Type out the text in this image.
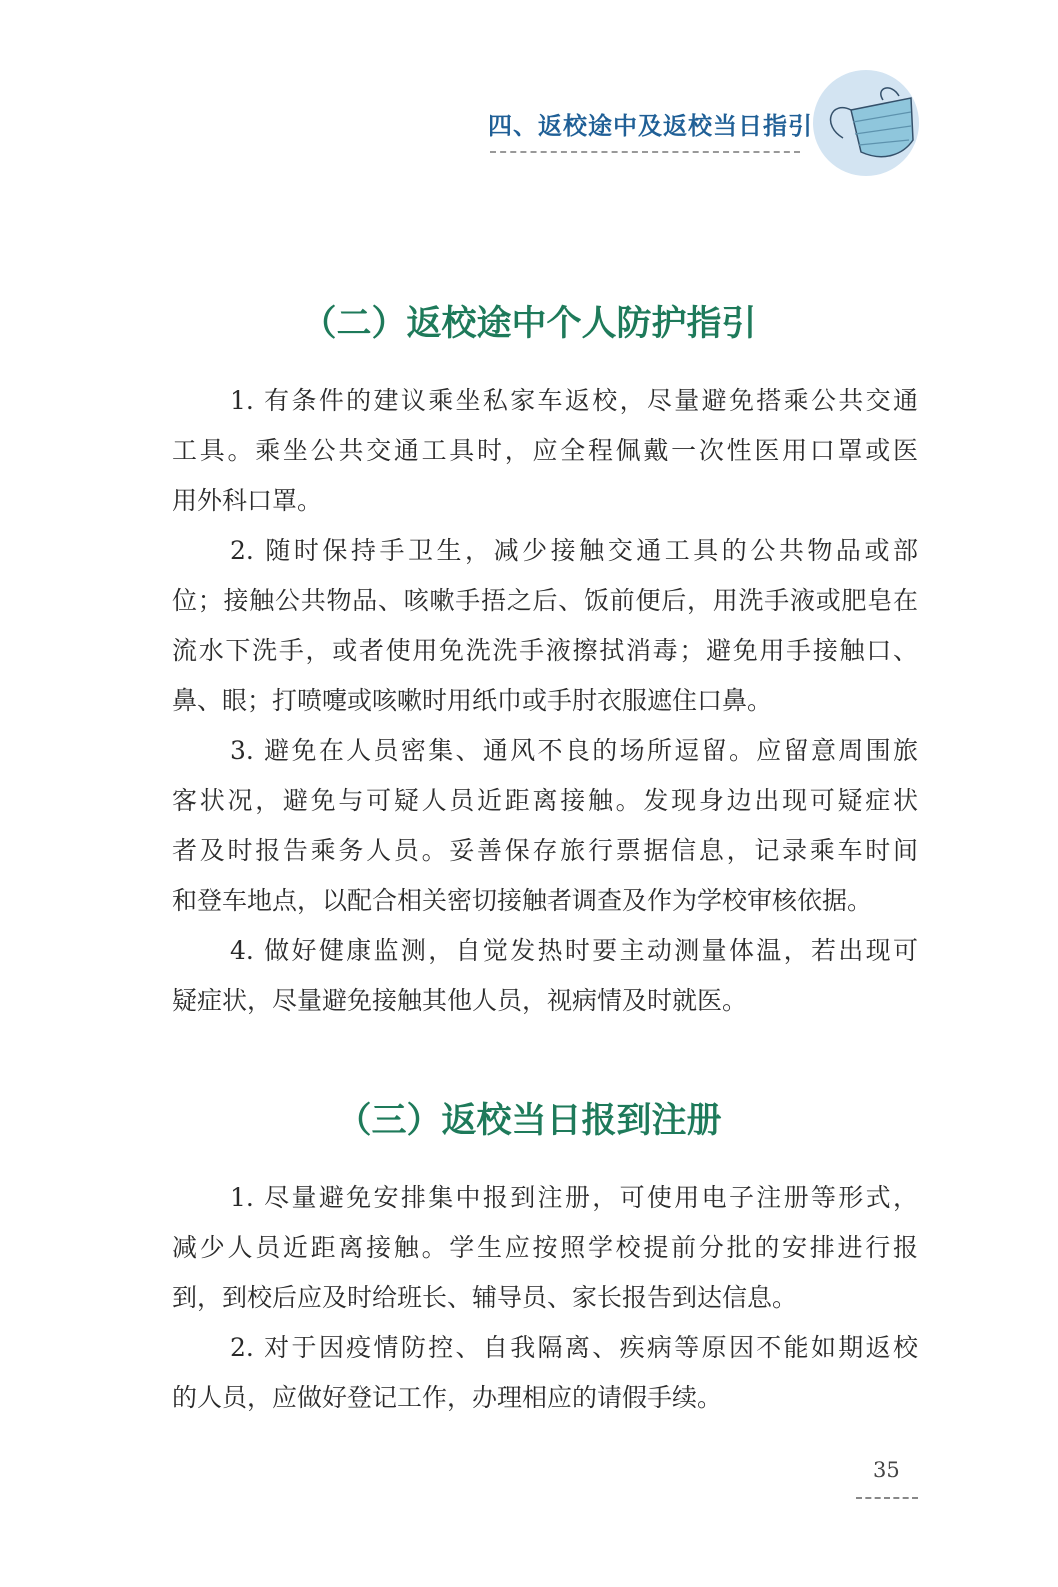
四、返校途中及返校当日指引
（二）返校途中个人防护指引
1. 有条件的建议乘坐私家车返校，尽量避免搭乘公共交通
工具。乘坐公共交通工具时，应全程佩戴一次性医用口罩或医
用外科口罩。
2. 随时保持手卫生，减少接触交通工具的公共物品或部
位；接触公共物品、咳嗽手捂之后、饭前便后，用洗手液或肥皂在
流水下洗手，或者使用免洗洗手液擦拭消毒；避免用手接触口、
鼻、眼；打喷嚏或咳嗽时用纸巾或手肘衣服遮住口鼻。
3. 避免在人员密集、通风不良的场所逗留。应留意周围旅
客状况，避免与可疑人员近距离接触。发现身边出现可疑症状
者及时报告乘务人员。妥善保存旅行票据信息，记录乘车时间
和登车地点，以配合相关密切接触者调查及作为学校审核依据。
4. 做好健康监测，自觉发热时要主动测量体温，若出现可
疑症状，尽量避免接触其他人员，视病情及时就医。
（三）返校当日报到注册
1. 尽量避免安排集中报到注册，可使用电子注册等形式，
减少人员近距离接触。学生应按照学校提前分批的安排进行报
到，到校后应及时给班长、辅导员、家长报告到达信息。
2. 对于因疫情防控、自我隔离、疾病等原因不能如期返校
的人员，应做好登记工作，办理相应的请假手续。
35
